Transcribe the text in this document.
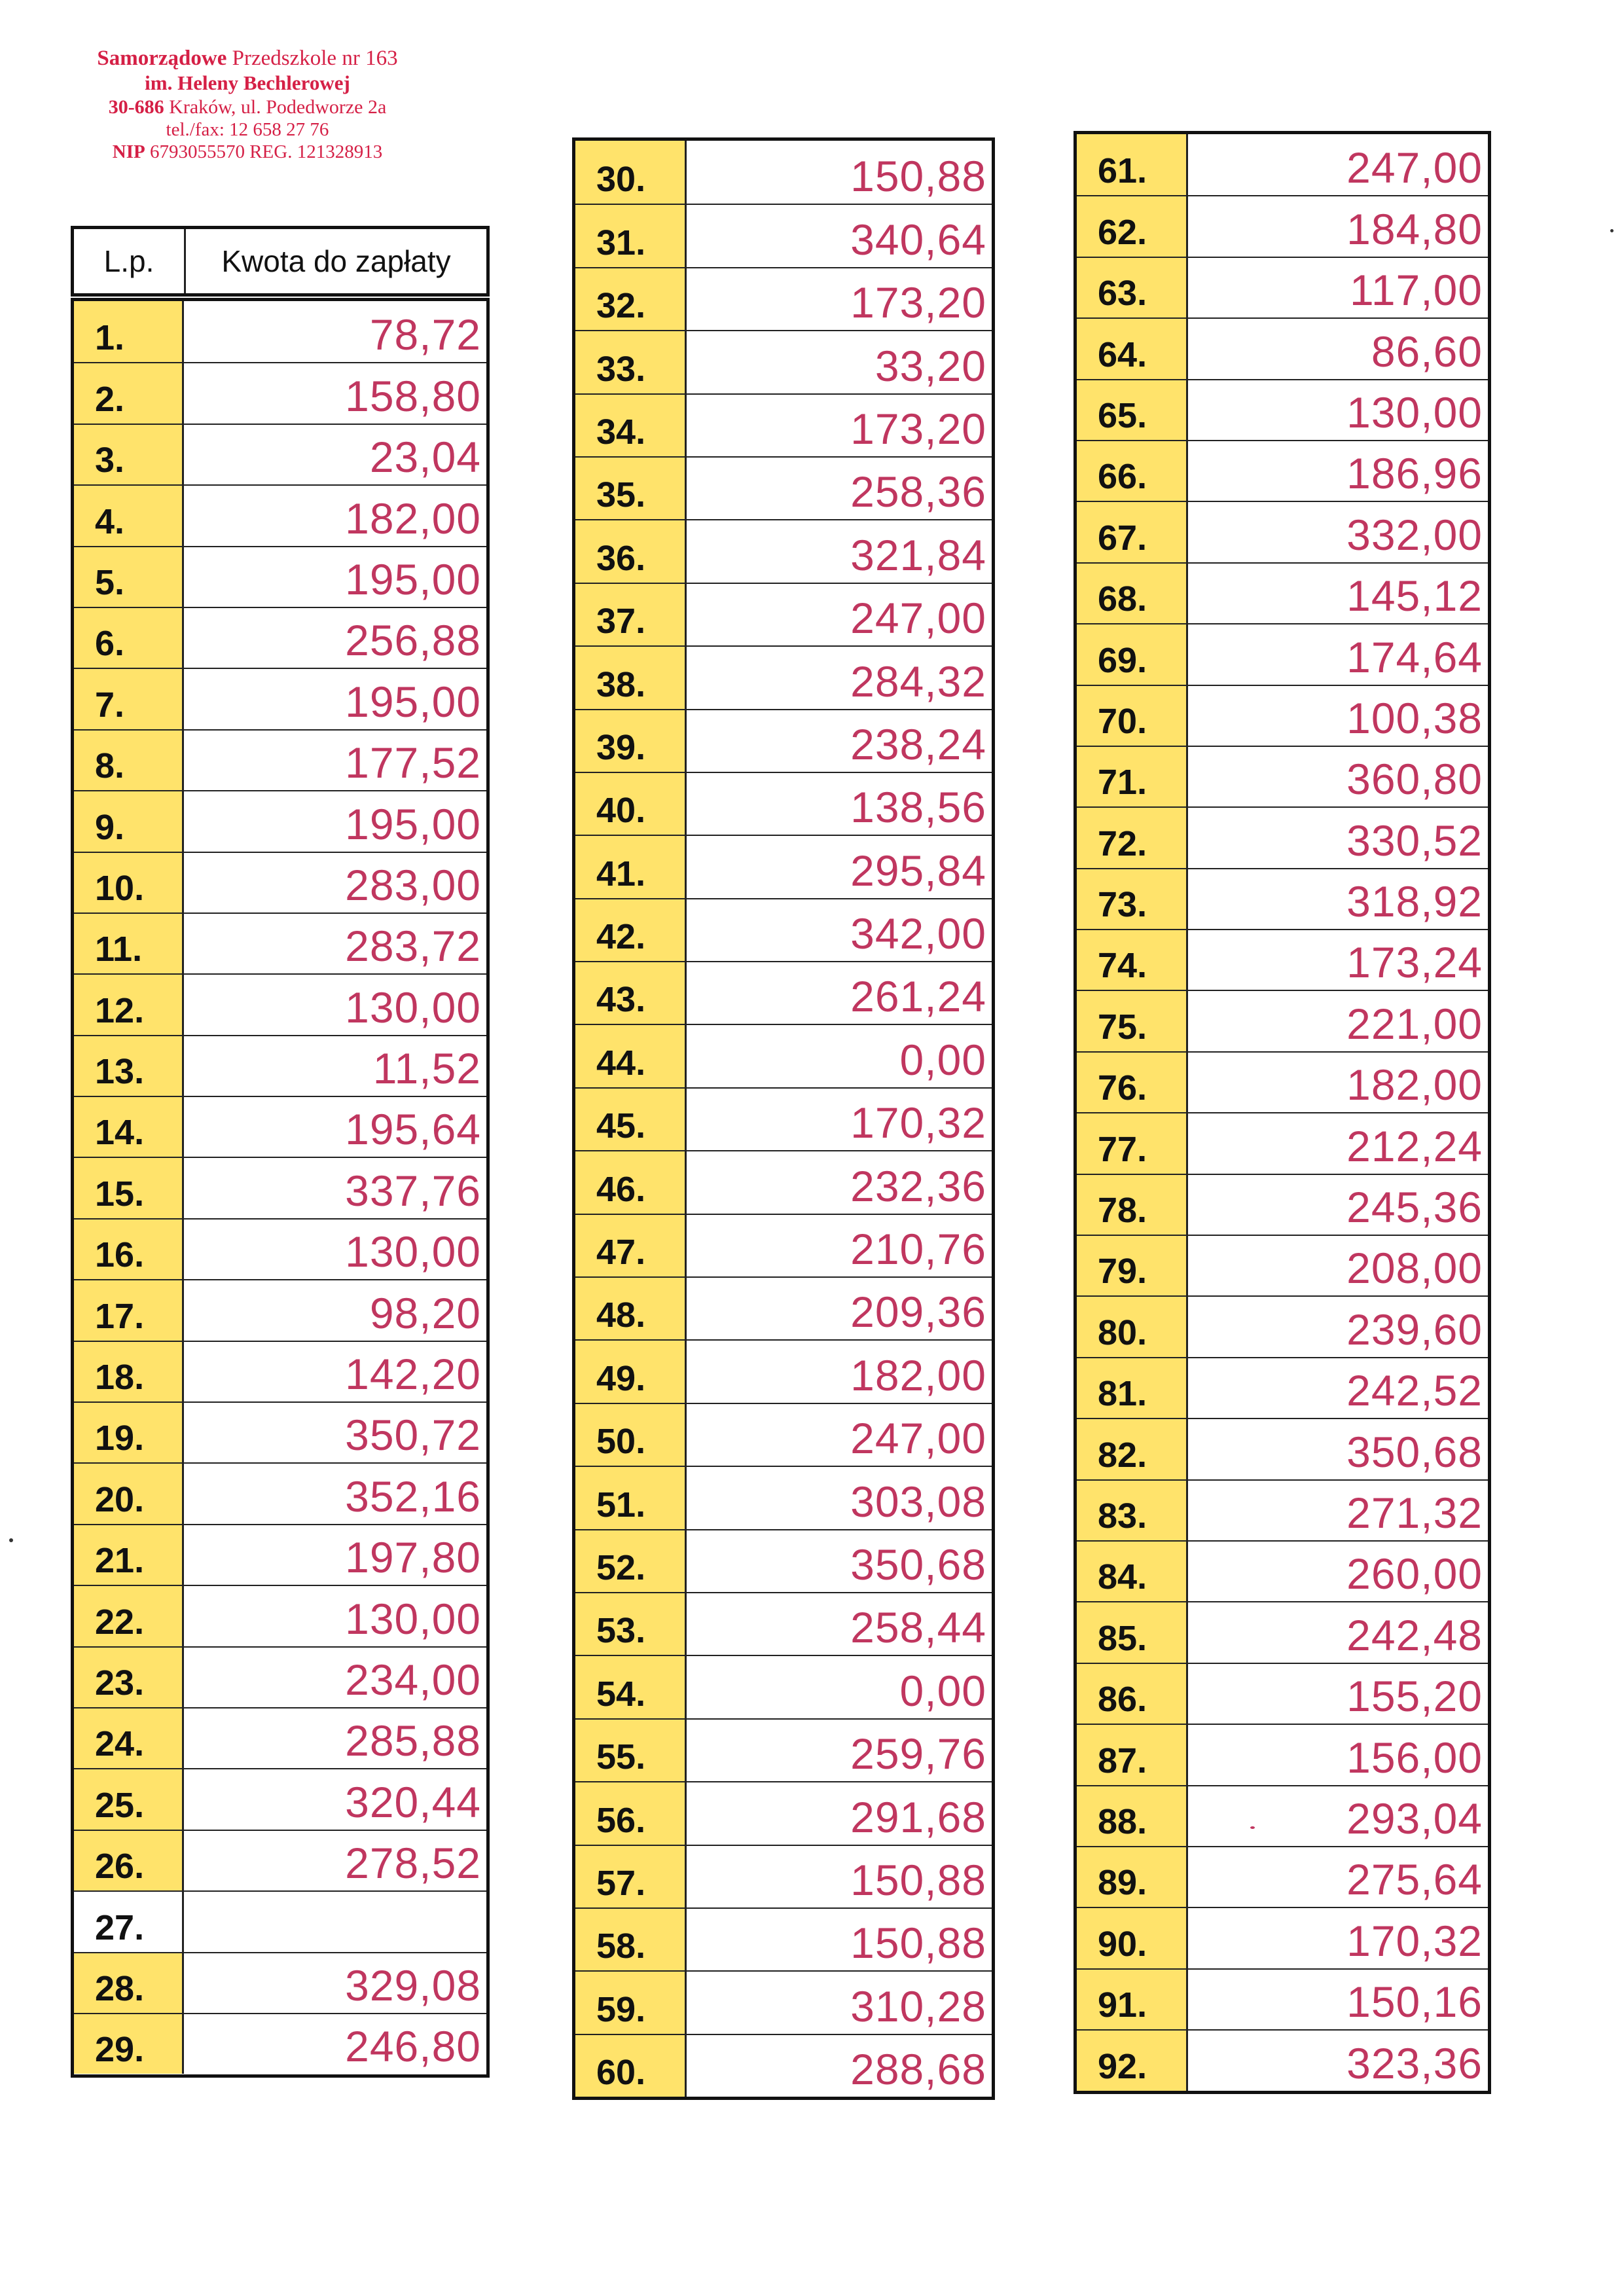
Samorządowe Przedszkole nr 163
im. Heleny Bechlerowej
30-686 Kraków, ul. Podedworze 2a
tel./fax: 12 658 27 76
NIP 6793055570 REG. 121328913
L.p.	Kwota do zapłaty
1.	78,72
2.	158,80
3.	23,04
4.	182,00
5.	195,00
6.	256,88
7.	195,00
8.	177,52
9.	195,00
10.	283,00
11.	283,72
12.	130,00
13.	11,52
14.	195,64
15.	337,76
16.	130,00
17.	98,20
18.	142,20
19.	350,72
20.	352,16
21.	197,80
22.	130,00
23.	234,00
24.	285,88
25.	320,44
26.	278,52
27.
28.	329,08
29.	246,80
30.	150,88
31.	340,64
32.	173,20
33.	33,20
34.	173,20
35.	258,36
36.	321,84
37.	247,00
38.	284,32
39.	238,24
40.	138,56
41.	295,84
42.	342,00
43.	261,24
44.	0,00
45.	170,32
46.	232,36
47.	210,76
48.	209,36
49.	182,00
50.	247,00
51.	303,08
52.	350,68
53.	258,44
54.	0,00
55.	259,76
56.	291,68
57.	150,88
58.	150,88
59.	310,28
60.	288,68
61.	247,00
62.	184,80
63.	117,00
64.	86,60
65.	130,00
66.	186,96
67.	332,00
68.	145,12
69.	174,64
70.	100,38
71.	360,80
72.	330,52
73.	318,92
74.	173,24
75.	221,00
76.	182,00
77.	212,24
78.	245,36
79.	208,00
80.	239,60
81.	242,52
82.	350,68
83.	271,32
84.	260,00
85.	242,48
86.	155,20
87.	156,00
88.	293,04
89.	275,64
90.	170,32
91.	150,16
92.	323,36
